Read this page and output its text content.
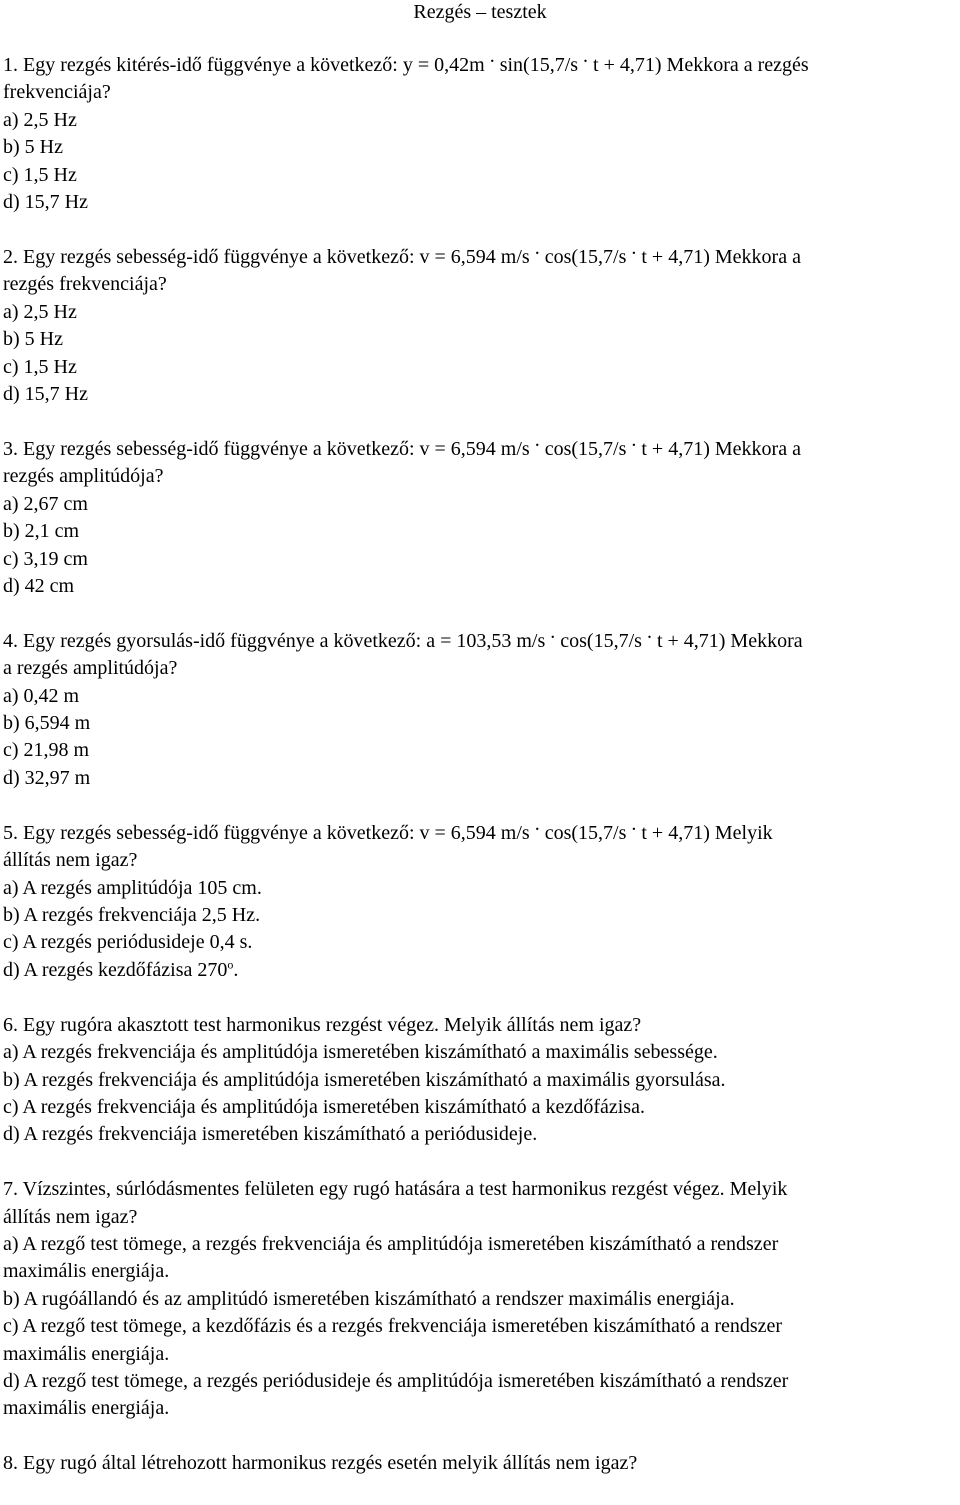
Rezgés – tesztek
1. Egy rezgés kitérés-idő függvénye a következő: y = 0,42m . sin(15,7/s . t + 4,71) Mekkora a rezgés
frekvenciája?
a) 2,5 Hz
b) 5 Hz
c) 1,5 Hz
d) 15,7 Hz
2. Egy rezgés sebesség-idő függvénye a következő: v = 6,594 m/s . cos(15,7/s . t + 4,71) Mekkora a
rezgés frekvenciája?
a) 2,5 Hz
b) 5 Hz
c) 1,5 Hz
d) 15,7 Hz
3. Egy rezgés sebesség-idő függvénye a következő: v = 6,594 m/s . cos(15,7/s . t + 4,71) Mekkora a
rezgés amplitúdója?
a) 2,67 cm
b) 2,1 cm
c) 3,19 cm
d) 42 cm
4. Egy rezgés gyorsulás-idő függvénye a következő: a = 103,53 m/s . cos(15,7/s . t + 4,71) Mekkora
a rezgés amplitúdója?
a) 0,42 m
b) 6,594 m
c) 21,98 m
d) 32,97 m
5. Egy rezgés sebesség-idő függvénye a következő: v = 6,594 m/s . cos(15,7/s . t + 4,71) Melyik
állítás nem igaz?
a) A rezgés amplitúdója 105 cm.
b) A rezgés frekvenciája 2,5 Hz.
c) A rezgés periódusideje 0,4 s.
d) A rezgés kezdőfázisa 270$^o$.
6. Egy rugóra akasztott test harmonikus rezgést végez. Melyik állítás nem igaz?
a) A rezgés frekvenciája és amplitúdója ismeretében kiszámítható a maximális sebessége.
b) A rezgés frekvenciája és amplitúdója ismeretében kiszámítható a maximális gyorsulása.
c) A rezgés frekvenciája és amplitúdója ismeretében kiszámítható a kezdőfázisa.
d) A rezgés frekvenciája ismeretében kiszámítható a periódusideje.
7. Vízszintes, súrlódásmentes felületen egy rugó hatására a test harmonikus rezgést végez. Melyik
állítás nem igaz?
a) A rezgő test tömege, a rezgés frekvenciája és amplitúdója ismeretében kiszámítható a rendszer
maximális energiája.
b) A rugóállandó és az amplitúdó ismeretében kiszámítható a rendszer maximális energiája.
c) A rezgő test tömege, a kezdőfázis és a rezgés frekvenciája ismeretében kiszámítható a rendszer
maximális energiája.
d) A rezgő test tömege, a rezgés periódusideje és amplitúdója ismeretében kiszámítható a rendszer
maximális energiája.
8. Egy rugó által létrehozott harmonikus rezgés esetén melyik állítás nem igaz?
